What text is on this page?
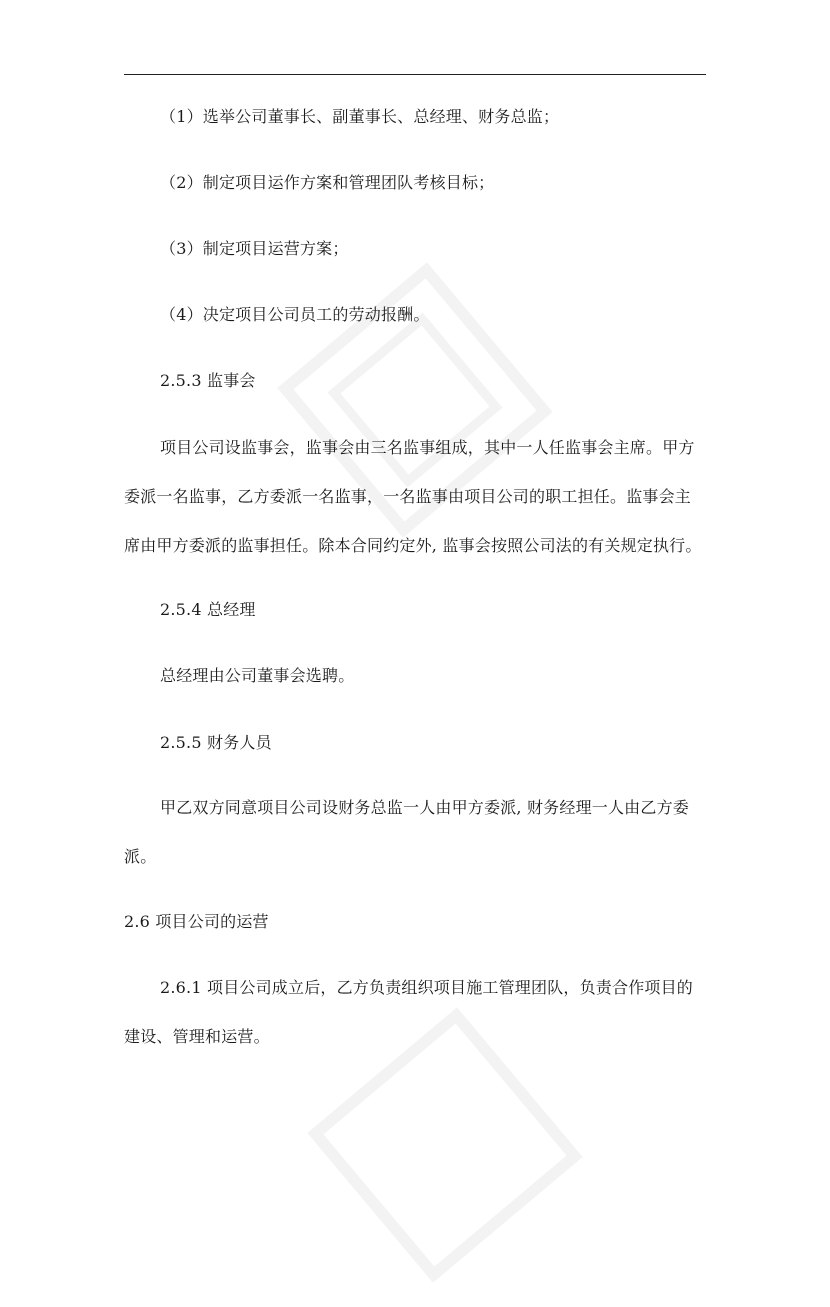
（1）选举公司董事长、副董事长、总经理、财务总监；
（2）制定项目运作方案和管理团队考核目标；
（3）制定项目运营方案；
（4）决定项目公司员工的劳动报酬。
2.5.3 监事会
项目公司设监事会，监事会由三名监事组成，其中一人任监事会主席。甲方
委派一名监事，乙方委派一名监事，一名监事由项目公司的职工担任。监事会主
席由甲方委派的监事担任。除本合同约定外, 监事会按照公司法的有关规定执行。
2.5.4 总经理
总经理由公司董事会选聘。
2.5.5 财务人员
甲乙双方同意项目公司设财务总监一人由甲方委派, 财务经理一人由乙方委
派。
2.6 项目公司的运营
2.6.1 项目公司成立后，乙方负责组织项目施工管理团队，负责合作项目的
建设、管理和运营。
